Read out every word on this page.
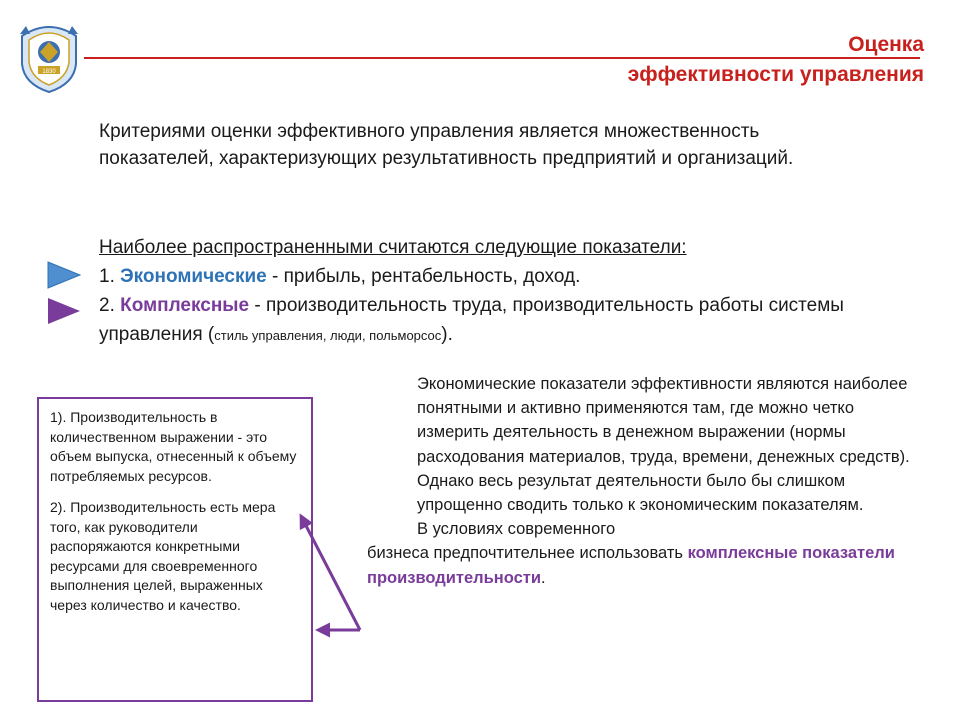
1830
Оценка
эффективности управления
Критериями оценки эффективного управления является множественность показателей, характеризующих результативность предприятий и организаций.
Наиболее распространенными считаются следующие показатели:
1. Экономические - прибыль, рентабельность, доход.
2. Комплексные - производительность труда, производительность работы системы управления (стиль управления, люди, польморсос).

1). Производительность в количественном выражении - это объем выпуска, отнесенный к объему потребляемых ресурсов.

2). Производительность есть мера того, как руководители распоряжаются конкретными ресурсами для своевременного выполнения целей, выраженных через количество и качество.

Экономические показатели эффективности являются наиболее понятными и активно применяются там, где можно четко измерить деятельность в денежном выражении (нормы расходования материалов, труда, времени, денежных средств).

Однако весь результат деятельности было бы слишком упрощенно сводить только к экономическим показателям.

В условиях современного

бизнеса предпочтительнее использовать комплексные показатели производительности.
